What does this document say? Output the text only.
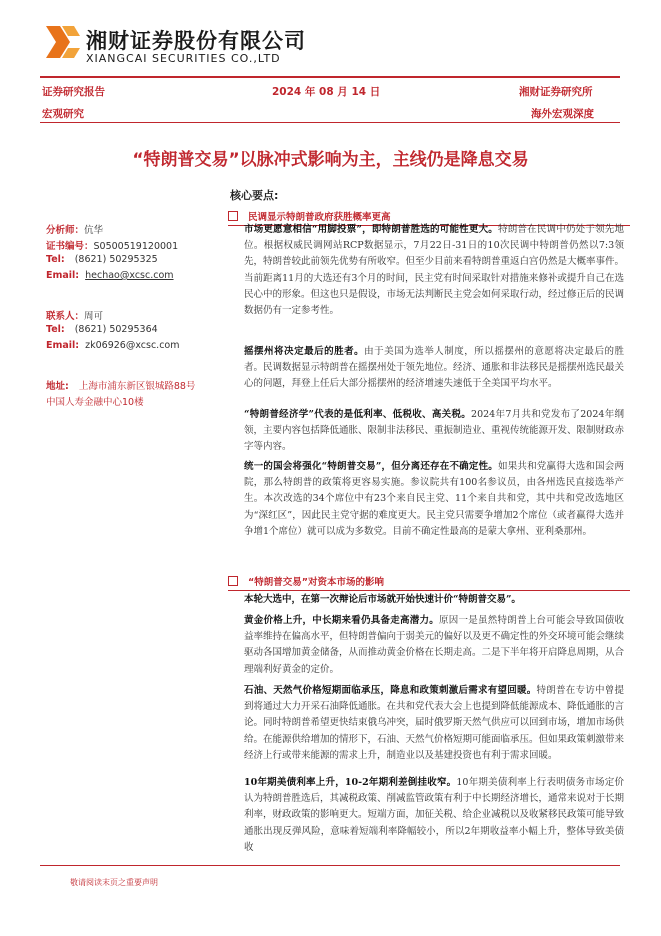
湘财证券股份有限公司
XIANGCAI SECURITIES CO.,LTD
证券研究报告	2024 年 08 月 14 日	湘财证券研究所
宏观研究	海外宏观深度
“特朗普交易”以脉冲式影响为主，主线仍是降息交易
核心要点:
分析师：伉华
证书编号：S0500519120001
Tel: (8621) 50295325
Email: hechao@xcsc.com
联系人：周可
Tel: (8621) 50295364
Email: zk06926@xcsc.com
地址: 上海市浦东新区银城路88号
中国人寿金融中心10楼
民调显示特朗普政府获胜概率更高
市场更愿意相信“用脚投票”，即特朗普胜选的可能性更大。特朗普在民调中仍处于领先地位。根据权威民调网站RCP数据显示，7月22日-31日的10次民调中特朗普仍然以7:3领先，特朗普较此前领先优势有所收窄。但至少目前来看特朗普重返白宫仍然是大概率事件。当前距离11月的大选还有3个月的时间，民主党有时间采取针对措施来修补或提升自己在选民心中的形象。但这也只是假设，市场无法判断民主党会如何采取行动，经过修正后的民调数据仍有一定参考性。
摇摆州将决定最后的胜者。由于美国为选举人制度，所以摇摆州的意愿将决定最后的胜者。民调数据显示特朗普在摇摆州处于领先地位。经济、通胀和非法移民是摇摆州选民最关心的问题，拜登上任后大部分摇摆州的经济增速失速低于全美国平均水平。
“特朗普经济学”代表的是低利率、低税收、高关税。2024年7月共和党发布了2024年纲领，主要内容包括降低通胀、限制非法移民、重振制造业、重视传统能源开发、限制财政赤字等内容。
统一的国会将强化“特朗普交易”，但分离还存在不确定性。如果共和党赢得大选和国会两院，那么特朗普的政策将更容易实施。参议院共有100名参议员，由各州选民直接选举产生。本次改选的34个席位中有23个来自民主党、11个来自共和党，其中共和党改选地区为“深红区”，因此民主党守据的难度更大。民主党只需要争增加2个席位（或者赢得大选并争增1个席位）就可以成为多数党。目前不确定性最高的是蒙大拿州、亚利桑那州。
“特朗普交易”对资本市场的影响
本轮大选中，在第一次辩论后市场就开始快速计价“特朗普交易”。
黄金价格上升，中长期来看仍具备走高潜力。原因一是虽然特朗普上台可能会导致国债收益率维持在偏高水平，但特朗普偏向于弱美元的偏好以及更不确定性的外交环境可能会继续驱动各国增加黄金储备，从而推动黄金价格在长期走高。二是下半年将开启降息周期，从合理端利好黄金的定价。
石油、天然气价格短期面临承压，降息和政策刺激后需求有望回暖。特朗普在专访中曾提到将通过大力开采石油降低通胀。在共和党代表大会上也提到降低能源成本、降低通胀的言论。同时特朗普希望更快结束俄乌冲突，届时俄罗斯天然气供应可以回到市场，增加市场供给。在能源供给增加的情形下，石油、天然气价格短期可能面临承压。但如果政策刺激带来经济上行或带来能源的需求上升，制造业以及基建投资也有利于需求回暖。
10年期美债利率上升，10-2年期利差倒挂收窄。10年期美债利率上行表明债务市场定价认为特朗普胜选后，其减税政策、削减监管政策有利于中长期经济增长，通常来说对于长期利率，财政政策的影响更大。短端方面，加征关税、给企业减税以及收紧移民政策可能导致通胀出现反弹风险，意味着短端利率降幅较小，所以2年期收益率小幅上升，整体导致美债收
敬请阅读末页之重要声明
